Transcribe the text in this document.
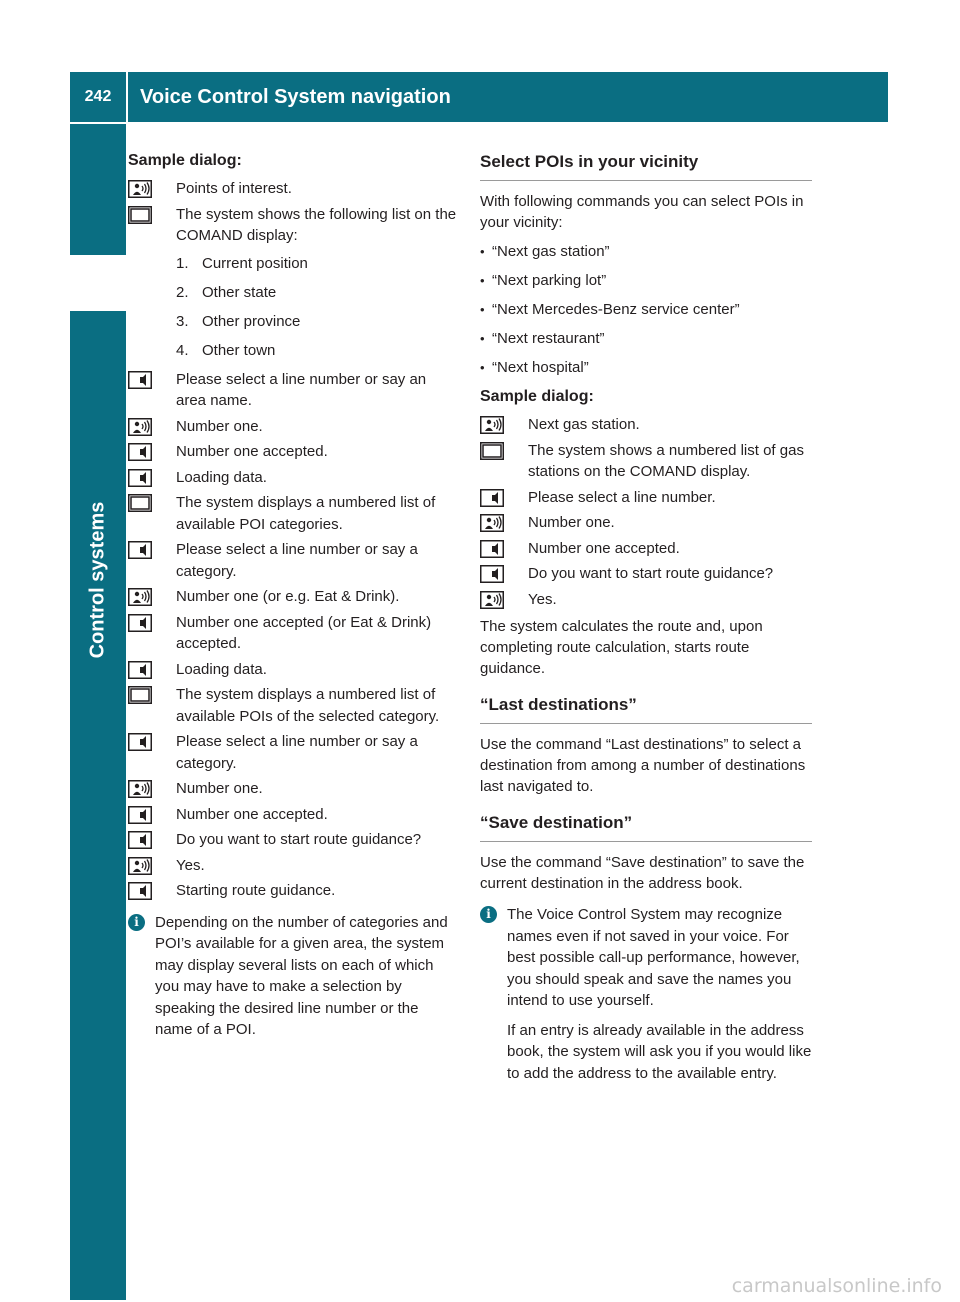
242	Voice Control System navigation
Control systems
Sample dialog:
Points of interest.
The system shows the following list on the COMAND display:
1. Current position
2. Other state
3. Other province
4. Other town
Please select a line number or say an area name.
Number one.
Number one accepted.
Loading data.
The system displays a numbered list of available POI categories.
Please select a line number or say a category.
Number one (or e.g. Eat & Drink).
Number one accepted (or Eat & Drink) accepted.
Loading data.
The system displays a numbered list of available POIs of the selected category.
Please select a line number or say a category.
Number one.
Number one accepted.
Do you want to start route guidance?
Yes.
Starting route guidance.
i	Depending on the number of categories and POI’s available for a given area, the system may display several lists on each of which you may have to make a selection by speaking the desired line number or the name of a POI.

Select POIs in your vicinity

With following commands you can select POIs in your vicinity:

• “Next gas station”
• “Next parking lot”
• “Next Mercedes-Benz service center”
• “Next restaurant”
• “Next hospital”
Sample dialog:
Next gas station.
The system shows a numbered list of gas stations on the COMAND display.
Please select a line number.
Number one.
Number one accepted.
Do you want to start route guidance?
Yes.

The system calculates the route and, upon completing route calculation, starts route guidance.

“Last destinations”

Use the command “Last destinations” to select a destination from among a number of destinations last navigated to.

“Save destination”

Use the command “Save destination” to save the current destination in the address book.

i	The Voice Control System may recognize names even if not saved in your voice. For best possible call-up performance, however, you should speak and save the names you intend to use yourself.

If an entry is already available in the address book, the system will ask you if you would like to add the address to the available entry.

carmanualsonline.info
